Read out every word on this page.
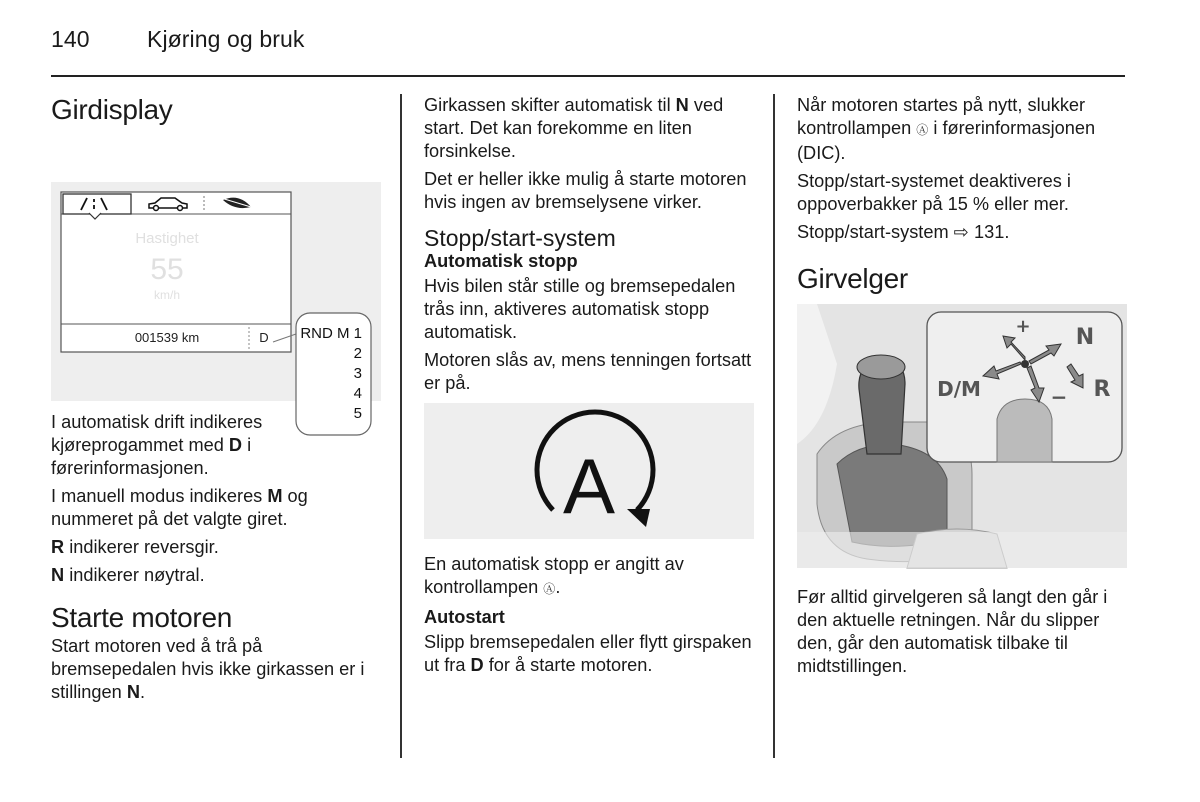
140 Kjøring og bruk
Girdisplay
Hastighet
55
km/h
001539 km	D RND M 1
2
3
4
5

I automatisk drift indikeres kjøreprogammet med D i førerinformasjonen.

I manuell modus indikeres M og nummeret på det valgte giret.

R indikerer reversgir.

N indikerer nøytral.

Starte motoren

Start motoren ved å trå på bremsepedalen hvis ikke girkassen er i stillingen N.

Girkassen skifter automatisk til N ved start. Det kan forekomme en liten forsinkelse.

Det er heller ikke mulig å starte motoren hvis ingen av bremselysene virker.

Stopp/start-system
Automatisk stopp

Hvis bilen står stille og bremsepedalen trås inn, aktiveres automatisk stopp automatisk.

Motoren slås av, mens tenningen fortsatt er på.

A

En automatisk stopp er angitt av kontrollampen Ⓐ.

Autostart

Slipp bremsepedalen eller flytt girspaken ut fra D for å starte motoren.

Når motoren startes på nytt, slukker kontrollampen Ⓐ i førerinformasjonen (DIC).

Stopp/start-systemet deaktiveres i oppoverbakker på 15 % eller mer.

Stopp/start-system ⇨ 131.

Girvelger
+ N
D/M	R
−

Før alltid girvelgeren så langt den går i den aktuelle retningen. Når du slipper den, går den automatisk tilbake til midtstillingen.
